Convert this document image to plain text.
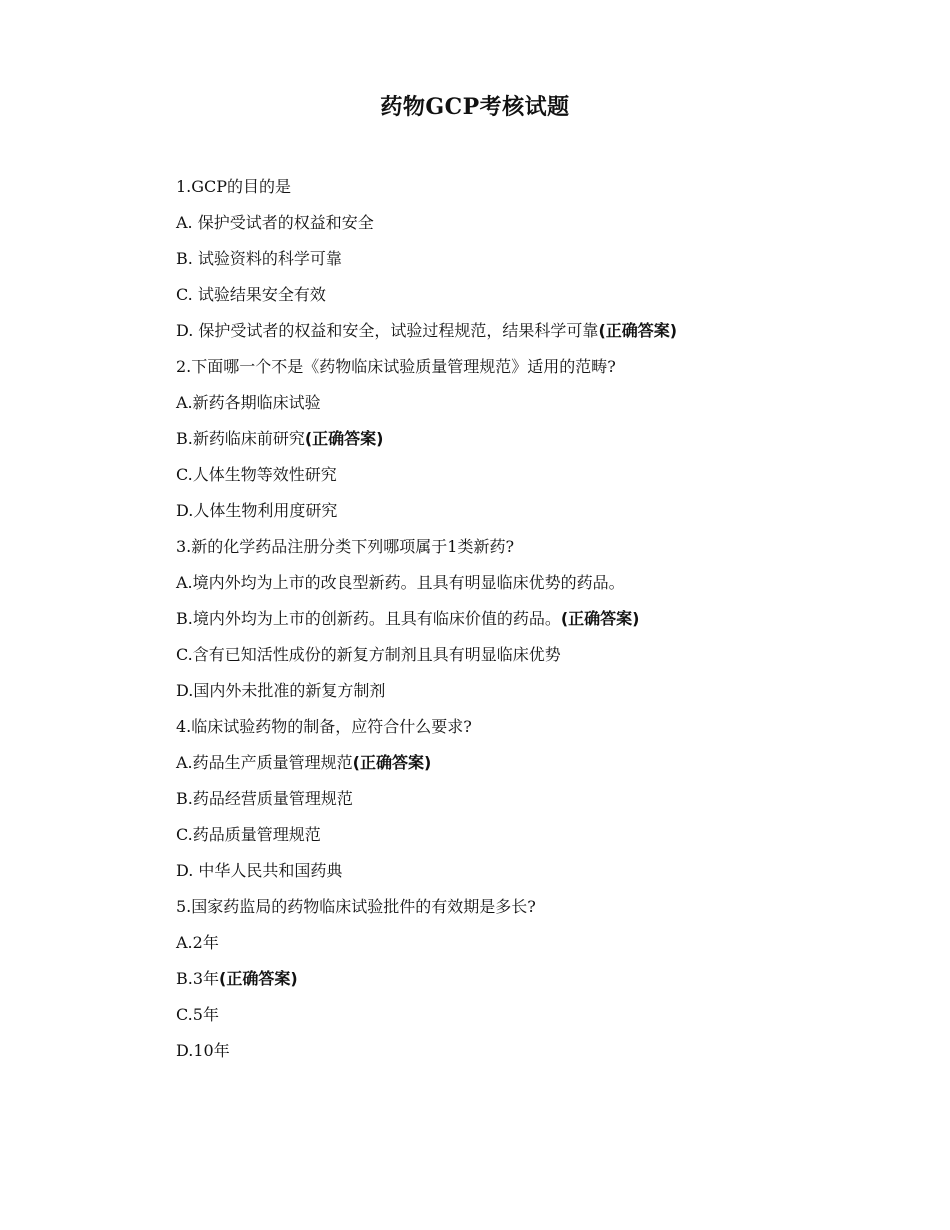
药物GCP考核试题
1.GCP的目的是
A. 保护受试者的权益和安全
B. 试验资料的科学可靠
C. 试验结果安全有效
D. 保护受试者的权益和安全，试验过程规范，结果科学可靠(正确答案)
2.下面哪一个不是《药物临床试验质量管理规范》适用的范畴?
A.新药各期临床试验
B.新药临床前研究(正确答案)
C.人体生物等效性研究
D.人体生物利用度研究
3.新的化学药品注册分类下列哪项属于1类新药?
A.境内外均为上市的改良型新药。且具有明显临床优势的药品。
B.境内外均为上市的创新药。且具有临床价值的药品。(正确答案)
C.含有已知活性成份的新复方制剂且具有明显临床优势
D.国内外未批准的新复方制剂
4.临床试验药物的制备，应符合什么要求?
A.药品生产质量管理规范(正确答案)
B.药品经营质量管理规范
C.药品质量管理规范
D. 中华人民共和国药典
5.国家药监局的药物临床试验批件的有效期是多长?
A.2年
B.3年(正确答案)
C.5年
D.10年
